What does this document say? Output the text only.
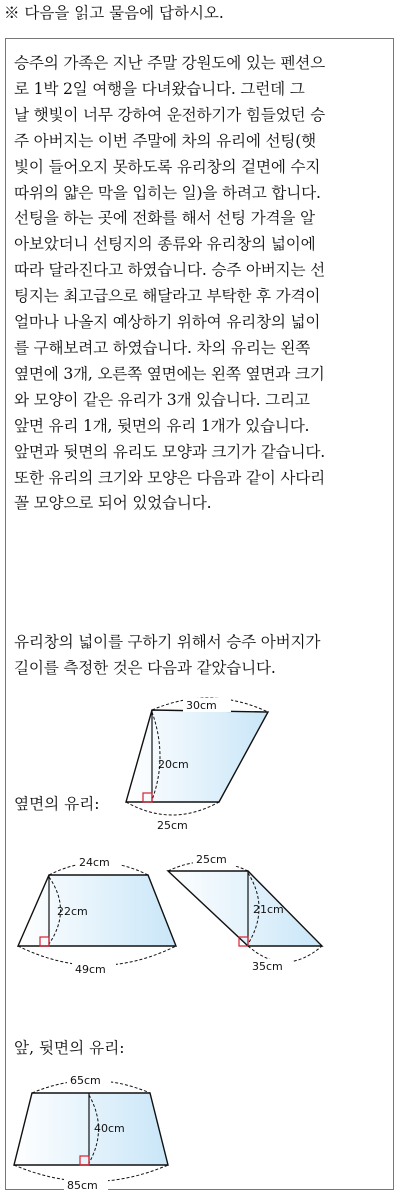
※ 다음을 읽고 물음에 답하시오.
승주의 가족은 지난 주말 강원도에 있는 펜션으
로 1박 2일 여행을 다녀왔습니다. 그런데 그
날 햇빛이 너무 강하여 운전하기가 힘들었던 승
주 아버지는 이번 주말에 차의 유리에 선팅(햇
빛이 들어오지 못하도록 유리창의 겉면에 수지
따위의 얇은 막을 입히는 일)을 하려고 합니다.
선팅을 하는 곳에 전화를 해서 선팅 가격을 알
아보았더니 선팅지의 종류와 유리창의 넓이에
따라 달라진다고 하였습니다. 승주 아버지는 선
팅지는 최고급으로 해달라고 부탁한 후 가격이
얼마나 나올지 예상하기 위하여 유리창의 넓이
를 구해보려고 하였습니다. 차의 유리는 왼쪽
옆면에 3개, 오른쪽 옆면에는 왼쪽 옆면과 크기
와 모양이 같은 유리가 3개 있습니다. 그리고
앞면 유리 1개, 뒷면의 유리 1개가 있습니다.
앞면과 뒷면의 유리도 모양과 크기가 같습니다.
또한 유리의 크기와 모양은 다음과 같이 사다리
꼴 모양으로 되어 있었습니다.
유리창의 넓이를 구하기 위해서 승주 아버지가
길이를 측정한 것은 다음과 같았습니다.
30cm
20cm
25cm
24cm
22cm
49cm
25cm
21cm
35cm
65cm
40cm
85cm
옆면의 유리:
앞, 뒷면의 유리:
